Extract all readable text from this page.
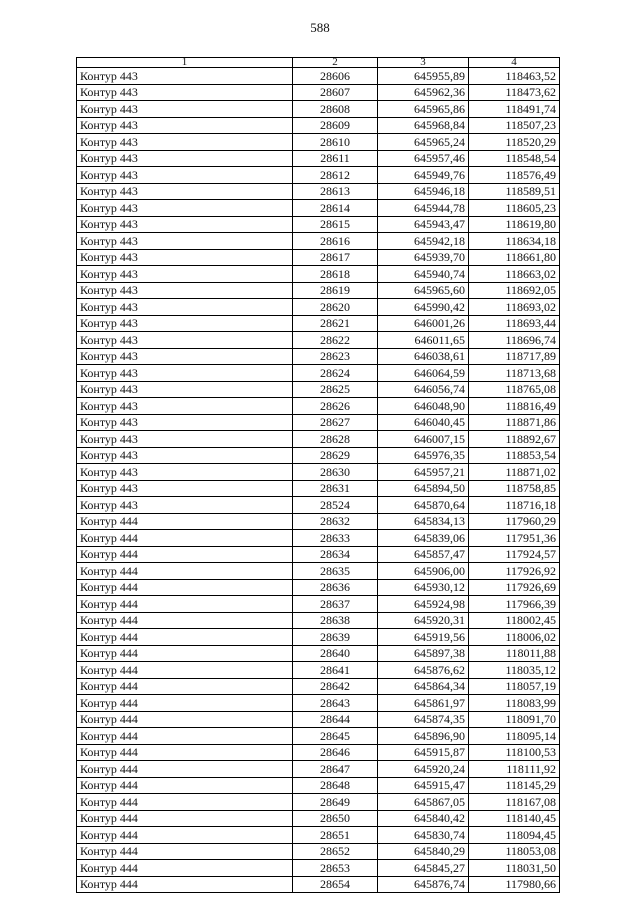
588
1	2	3	4
Контур 443	28606	645955,89	118463,52
Контур 443	28607	645962,36	118473,62
Контур 443	28608	645965,86	118491,74
Контур 443	28609	645968,84	118507,23
Контур 443	28610	645965,24	118520,29
Контур 443	28611	645957,46	118548,54
Контур 443	28612	645949,76	118576,49
Контур 443	28613	645946,18	118589,51
Контур 443	28614	645944,78	118605,23
Контур 443	28615	645943,47	118619,80
Контур 443	28616	645942,18	118634,18
Контур 443	28617	645939,70	118661,80
Контур 443	28618	645940,74	118663,02
Контур 443	28619	645965,60	118692,05
Контур 443	28620	645990,42	118693,02
Контур 443	28621	646001,26	118693,44
Контур 443	28622	646011,65	118696,74
Контур 443	28623	646038,61	118717,89
Контур 443	28624	646064,59	118713,68
Контур 443	28625	646056,74	118765,08
Контур 443	28626	646048,90	118816,49
Контур 443	28627	646040,45	118871,86
Контур 443	28628	646007,15	118892,67
Контур 443	28629	645976,35	118853,54
Контур 443	28630	645957,21	118871,02
Контур 443	28631	645894,50	118758,85
Контур 443	28524	645870,64	118716,18
Контур 444	28632	645834,13	117960,29
Контур 444	28633	645839,06	117951,36
Контур 444	28634	645857,47	117924,57
Контур 444	28635	645906,00	117926,92
Контур 444	28636	645930,12	117926,69
Контур 444	28637	645924,98	117966,39
Контур 444	28638	645920,31	118002,45
Контур 444	28639	645919,56	118006,02
Контур 444	28640	645897,38	118011,88
Контур 444	28641	645876,62	118035,12
Контур 444	28642	645864,34	118057,19
Контур 444	28643	645861,97	118083,99
Контур 444	28644	645874,35	118091,70
Контур 444	28645	645896,90	118095,14
Контур 444	28646	645915,87	118100,53
Контур 444	28647	645920,24	118111,92
Контур 444	28648	645915,47	118145,29
Контур 444	28649	645867,05	118167,08
Контур 444	28650	645840,42	118140,45
Контур 444	28651	645830,74	118094,45
Контур 444	28652	645840,29	118053,08
Контур 444	28653	645845,27	118031,50
Контур 444	28654	645876,74	117980,66
